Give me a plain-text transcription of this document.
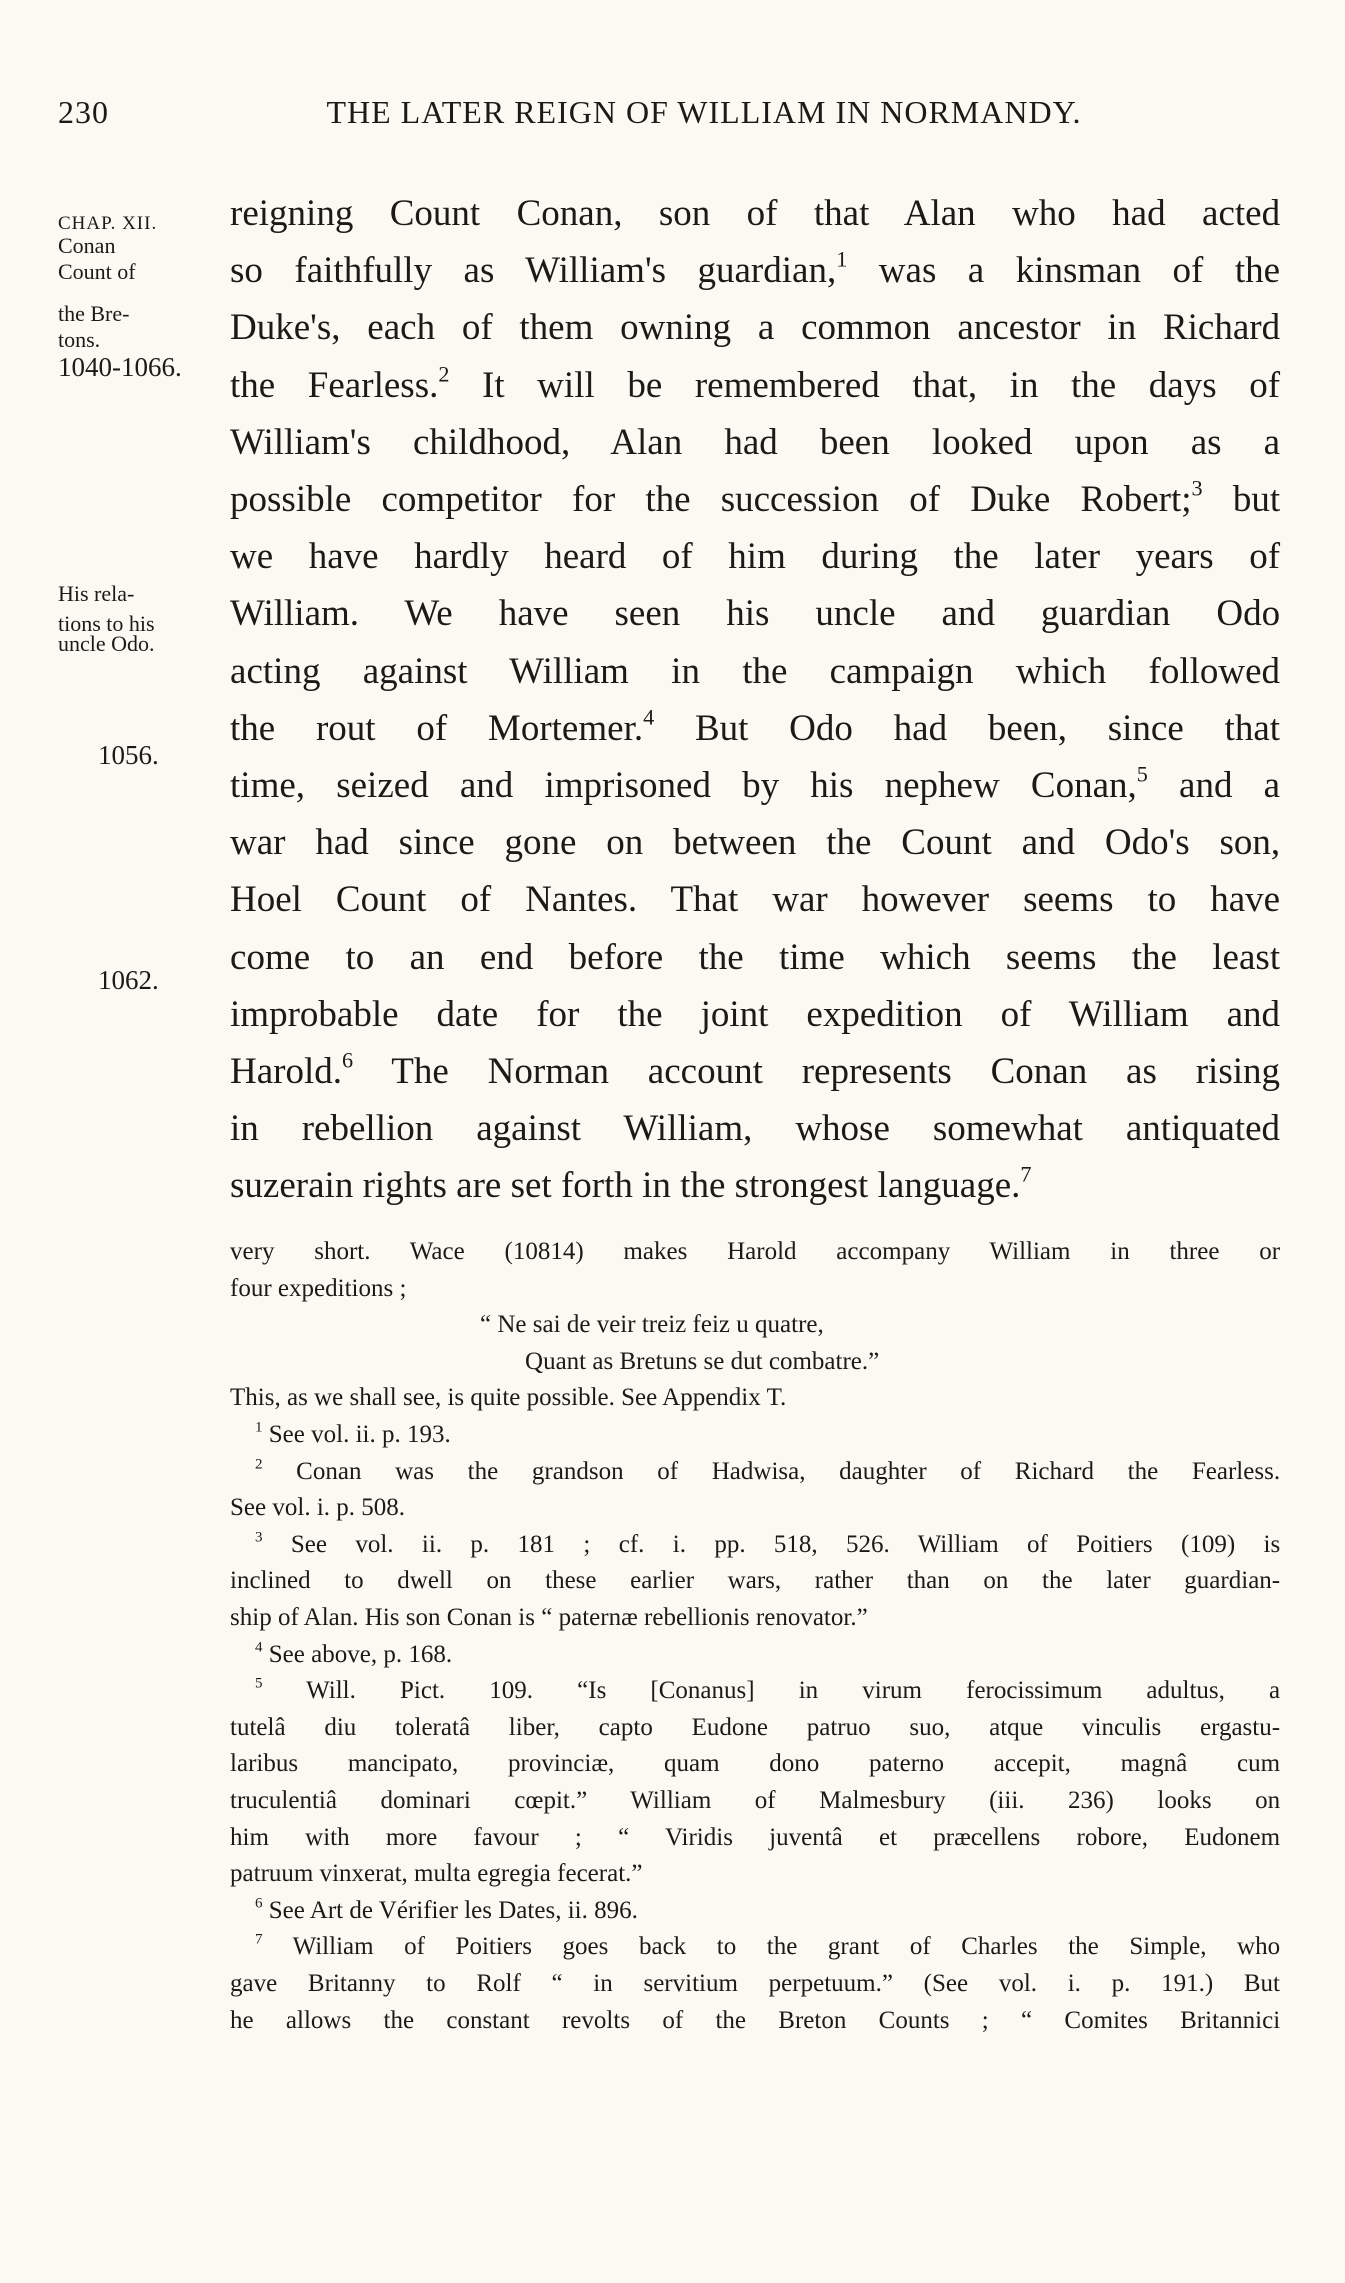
230	THE LATER REIGN OF WILLIAM IN NORMANDY.
CHAP. XII.
Conan
Count of
the Bre-
tons.
1040-1066.
His rela-
tions to his
uncle Odo.
1056.
1062.
reigning Count Conan, son of that Alan who had acted
so faithfully as William's guardian,$^1$ was a kinsman of the
Duke's, each of them owning a common ancestor in Richard
the Fearless.$^2$ It will be remembered that, in the days of
William's childhood, Alan had been looked upon as a
possible competitor for the succession of Duke Robert;$^3$ but
we have hardly heard of him during the later years of
William. We have seen his uncle and guardian Odo
acting against William in the campaign which followed
the rout of Mortemer.$^4$ But Odo had been, since that
time, seized and imprisoned by his nephew Conan,$^5$ and a
war had since gone on between the Count and Odo's son,
Hoel Count of Nantes. That war however seems to have
come to an end before the time which seems the least
improbable date for the joint expedition of William and
Harold.$^6$ The Norman account represents Conan as rising
in rebellion against William, whose somewhat antiquated
suzerain rights are set forth in the strongest language.$^7$
very short. Wace (10814) makes Harold accompany William in three or
four expeditions ;
“ Ne sai de veir treiz feiz u quatre,
Quant as Bretuns se dut combatre.”
This, as we shall see, is quite possible. See Appendix T.
$^1$ See vol. ii. p. 193.
$^2$ Conan was the grandson of Hadwisa, daughter of Richard the Fearless.
See vol. i. p. 508.
$^3$ See vol. ii. p. 181 ; cf. i. pp. 518, 526. William of Poitiers (109) is
inclined to dwell on these earlier wars, rather than on the later guardian-
ship of Alan. His son Conan is “ paternæ rebellionis renovator.”
$^4$ See above, p. 168.
$^5$ Will. Pict. 109. “Is [Conanus] in virum ferocissimum adultus, a
tutelâ diu toleratâ liber, capto Eudone patruo suo, atque vinculis ergastu-
laribus mancipato, provinciæ, quam dono paterno accepit, magnâ cum
truculentiâ dominari cœpit.” William of Malmesbury (iii. 236) looks on
him with more favour ; “ Viridis juventâ et præcellens robore, Eudonem
patruum vinxerat, multa egregia fecerat.”
$^6$ See Art de Vérifier les Dates, ii. 896.
$^7$ William of Poitiers goes back to the grant of Charles the Simple, who
gave Britanny to Rolf “ in servitium perpetuum.” (See vol. i. p. 191.) But
he allows the constant revolts of the Breton Counts ; “ Comites Britannici
